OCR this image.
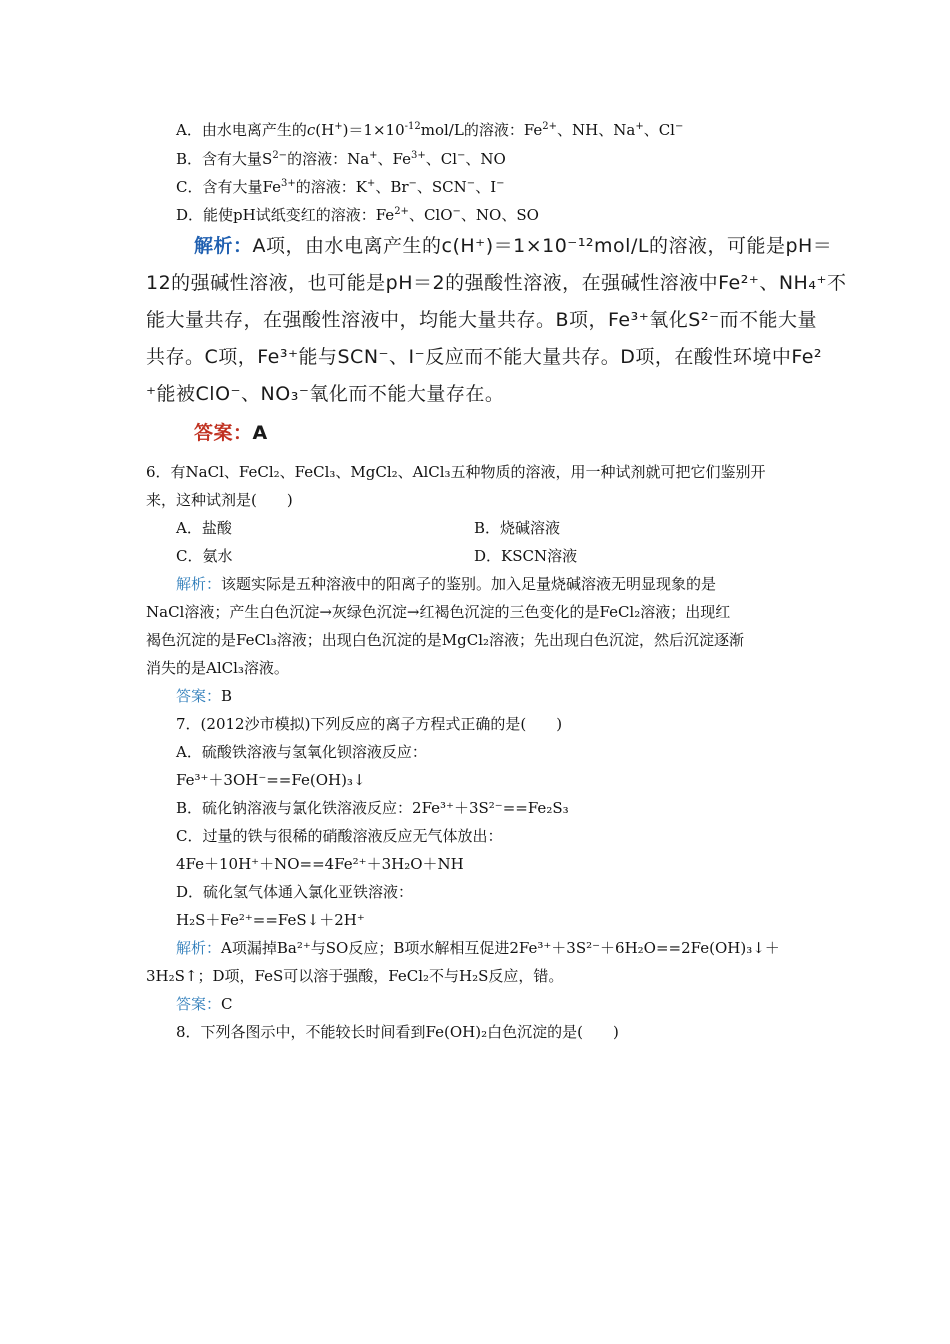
A．由水电离产生的$c(H^+)=1\times 10^{-12}mol/L$的溶液：$Fe^{2+}$、NH、Na+、Cl−
B．含有大量$S^{2-}$的溶液：Na+、$Fe^{3+}$、Cl−、NO
C．含有大量$Fe^{3+}$的溶液：K+、Br−、SCN−、I−
D．能使pH试纸变红的溶液：$Fe^{2+}$、ClO−、NO、SO

解析：A项，由水电离产生的c(H⁺)＝1×10⁻¹²mol/L的溶液，可能是pH＝

12的强碱性溶液，也可能是pH＝2的强酸性溶液，在强碱性溶液中Fe²⁺、NH₄⁺不

能大量共存，在强酸性溶液中，均能大量共存。B项，Fe³⁺氧化S²⁻而不能大量

共存。C项，Fe³⁺能与SCN⁻、I⁻反应而不能大量共存。D项，在酸性环境中Fe²

⁺能被ClO⁻、NO₃⁻氧化而不能大量存在。

答案：A

6．有NaCl、FeCl₂、FeCl₃、MgCl₂、AlCl₃五种物质的溶液，用一种试剂就可把它们鉴别开
来，这种试剂是(　　)
A．盐酸	B．烧碱溶液
C．氨水	D．KSCN溶液
解析：该题实际是五种溶液中的阳离子的鉴别。加入足量烧碱溶液无明显现象的是
NaCl溶液；产生白色沉淀→灰绿色沉淀→红褐色沉淀的三色变化的是FeCl₂溶液；出现红
褐色沉淀的是FeCl₃溶液；出现白色沉淀的是MgCl₂溶液；先出现白色沉淀，然后沉淀逐渐
消失的是AlCl₃溶液。
答案：B
7．(2012沙市模拟)下列反应的离子方程式正确的是(　　)
A．硫酸铁溶液与氢氧化钡溶液反应：
Fe³⁺＋3OH⁻==Fe(OH)₃↓
B．硫化钠溶液与氯化铁溶液反应：2Fe³⁺＋3S²⁻==Fe₂S₃
C．过量的铁与很稀的硝酸溶液反应无气体放出：
4Fe＋10H⁺＋NO==4Fe²⁺＋3H₂O＋NH
D．硫化氢气体通入氯化亚铁溶液：
H₂S＋Fe²⁺==FeS↓＋2H⁺
解析：A项漏掉Ba²⁺与SO反应；B项水解相互促进2Fe³⁺＋3S²⁻＋6H₂O==2Fe(OH)₃↓＋
3H₂S↑；D项，FeS可以溶于强酸，FeCl₂不与H₂S反应，错。
答案：C
8．下列各图示中，不能较长时间看到Fe(OH)₂白色沉淀的是(　　)
